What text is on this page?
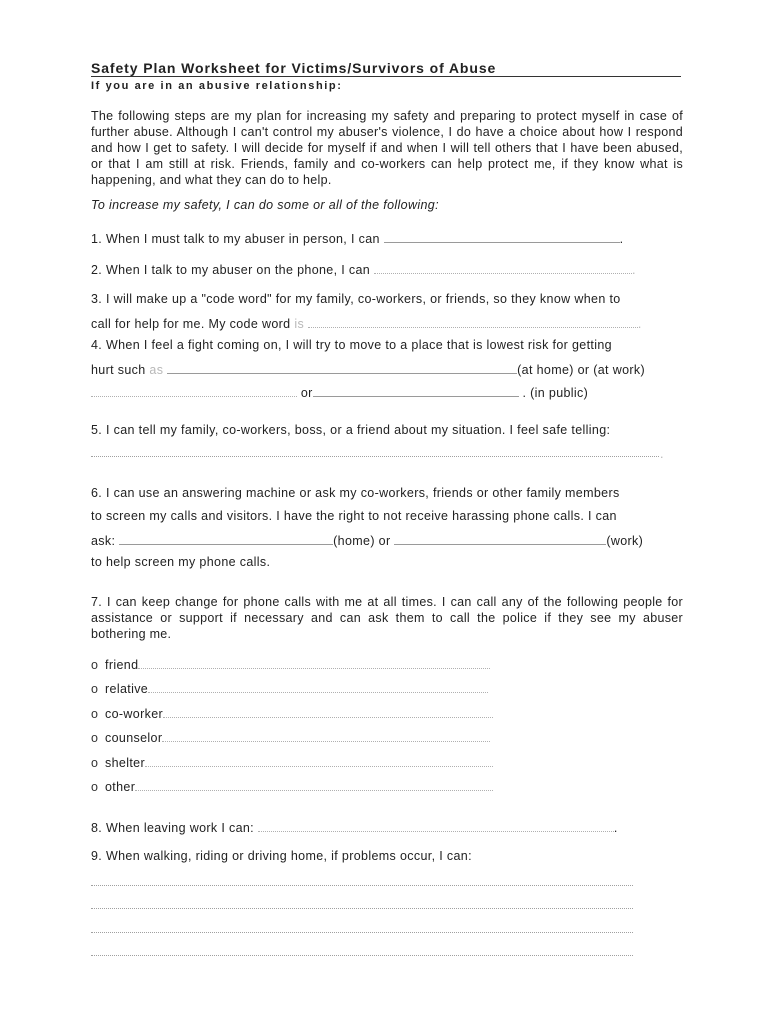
Safety Plan Worksheet for Victims/Survivors of Abuse
If you are in an abusive relationship:
The following steps are my plan for increasing my safety and preparing to protect myself in case of further abuse. Although I can't control my abuser's violence, I do have a choice about how I respond and how I get to safety. I will decide for myself if and when I will tell others that I have been abused, or that I am still at risk. Friends, family and co-workers can help protect me, if they know what is happening, and what they can do to help.
To increase my safety, I can do some or all of the following:
1. When I must talk to my abuser in person, I can	.
2. When I talk to my abuser on the phone, I can	.
3. I will make up a "code word" for my family, co-workers, or friends, so they know when to
call for help for me. My code word is	.
4. When I feel a fight coming on, I will try to move to a place that is lowest risk for getting
hurt such as	(at home) or (at work)
or	. (in public)
5. I can tell my family, co-workers, boss, or a friend about my situation. I feel safe telling:
.
6. I can use an answering machine or ask my co-workers, friends or other family members
to screen my calls and visitors. I have the right to not receive harassing phone calls. I can
ask:	(home) or	(work)
to help screen my phone calls.
7. I can keep change for phone calls with me at all times. I can call any of the following people for assistance or support if necessary and can ask them to call the police if they see my abuser bothering me.
o friend
o relative
o co-worker
o counselor
o shelter
o other
8. When leaving work I can:	.
9. When walking, riding or driving home, if problems occur, I can:
